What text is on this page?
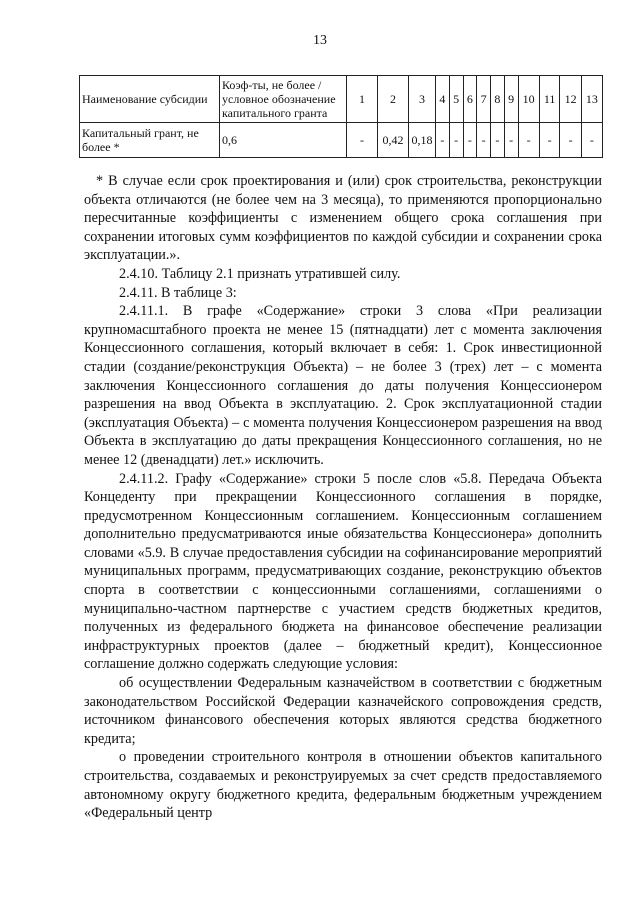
13
Наименование субсидии	Коэф-ты, не более / условное обозначение капитального гранта	1	2	3	4	5	6	7	8	9	10	11	12	13
Капитальный грант, не более *	0,6	-	0,42	0,18	-	-	-	-	-	-	-	-	-	-

* В случае если срок проектирования и (или) срок строительства, реконструкции объекта отличаются (не более чем на 3 месяца), то применяются пропорционально пересчитанные коэффициенты с изменением общего срока соглашения при сохранении итоговых сумм коэффициентов по каждой субсидии и сохранении срока эксплуатации.».

2.4.10. Таблицу 2.1 признать утратившей силу.

2.4.11. В таблице 3:

2.4.11.1. В графе «Содержание» строки 3 слова «При реализации крупномасштабного проекта не менее 15 (пятнадцати) лет с момента заключения Концессионного соглашения, который включает в себя: 1. Срок инвестиционной стадии (создание/реконструкция Объекта) – не более 3 (трех) лет – с момента заключения Концессионного соглашения до даты получения Концессионером разрешения на ввод Объекта в эксплуатацию. 2. Срок эксплуатационной стадии (эксплуатация Объекта) – с момента получения Концессионером разрешения на ввод Объекта в эксплуатацию до даты прекращения Концессионного соглашения, но не менее 12 (двенадцати) лет.» исключить.

2.4.11.2. Графу «Содержание» строки 5 после слов «5.8. Передача Объекта Концеденту при прекращении Концессионного соглашения в порядке, предусмотренном Концессионным соглашением. Концессионным соглашением дополнительно предусматриваются иные обязательства Концессионера» дополнить словами «5.9. В случае предоставления субсидии на софинансирование мероприятий муниципальных программ, предусматривающих создание, реконструкцию объектов спорта в соответствии с концессионными соглашениями, соглашениями о муниципально-частном партнерстве с участием средств бюджетных кредитов, полученных из федерального бюджета на финансовое обеспечение реализации инфраструктурных проектов (далее – бюджетный кредит), Концессионное соглашение должно содержать следующие условия:

об осуществлении Федеральным казначейством в соответствии с бюджетным законодательством Российской Федерации казначейского сопровождения средств, источником финансового обеспечения которых являются средства бюджетного кредита;

о проведении строительного контроля в отношении объектов капитального строительства, создаваемых и реконструируемых за счет средств предоставляемого автономному округу бюджетного кредита, федеральным бюджетным учреждением «Федеральный центр
